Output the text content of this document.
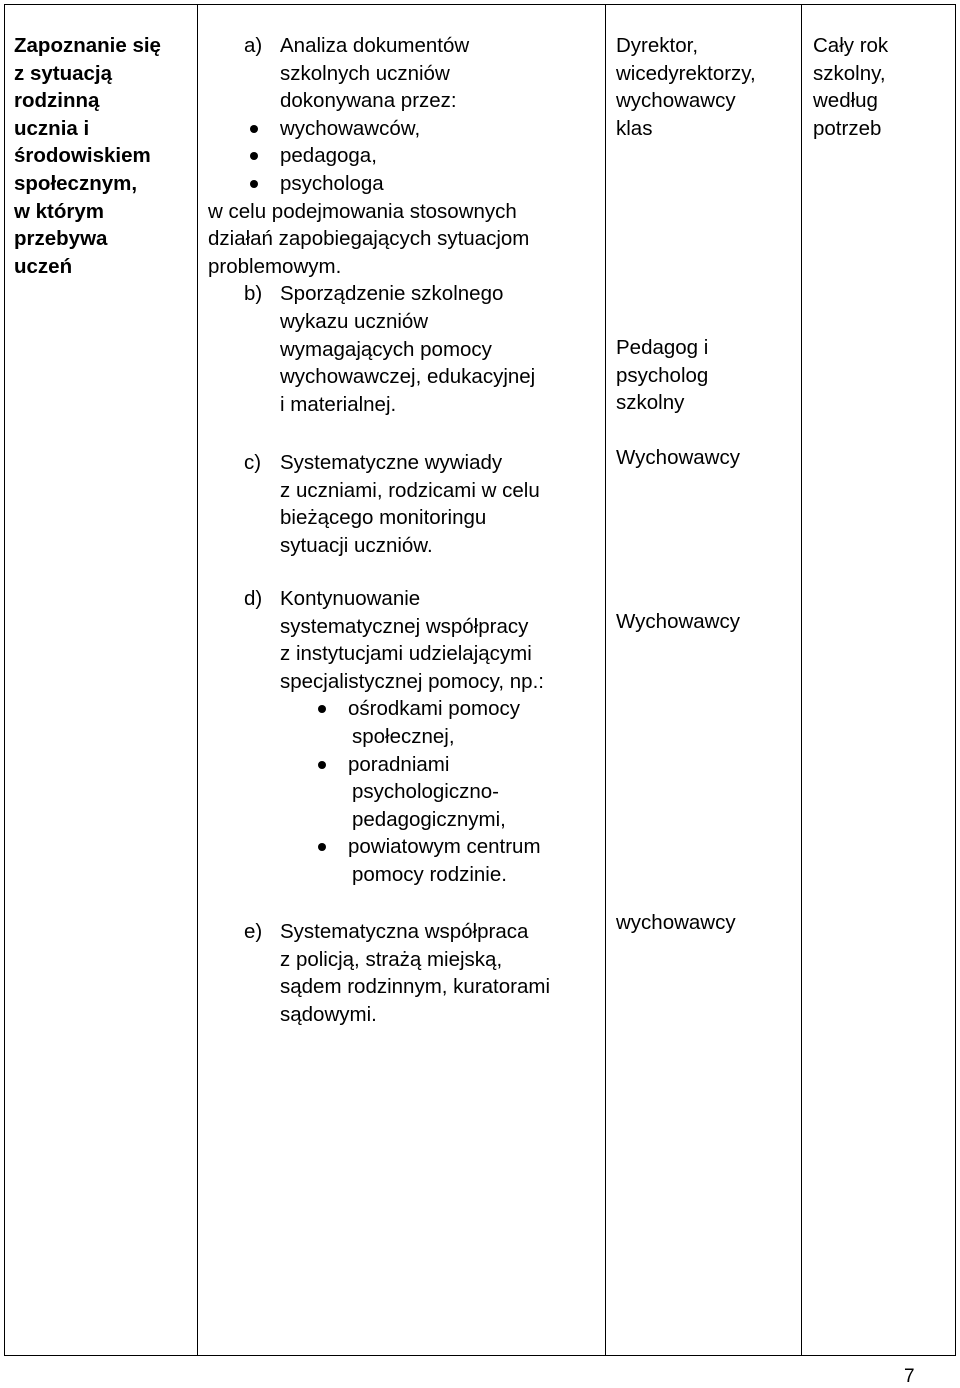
Zapoznanie się
z sytuacją
rodzinną
ucznia i
środowiskiem
społecznym,
w którym
przebywa
uczeń
a) Analiza dokumentów
szkolnych uczniów
dokonywana przez:
wychowawców,
pedagoga,
psychologa
w celu podejmowania stosownych
działań zapobiegających sytuacjom
problemowym.
b) Sporządzenie szkolnego
wykazu uczniów
wymagających pomocy
wychowawczej, edukacyjnej
i materialnej.
c) Systematyczne wywiady
z uczniami, rodzicami w celu
bieżącego monitoringu
sytuacji uczniów.
d) Kontynuowanie
systematycznej współpracy
z instytucjami udzielającymi
specjalistycznej pomocy, np.:
ośrodkami pomocy
społecznej,
poradniami
psychologiczno-
pedagogicznymi,
powiatowym centrum
pomocy rodzinie.
e) Systematyczna współpraca
z policją, strażą miejską,
sądem rodzinnym, kuratorami
sądowymi.
Dyrektor,
wicedyrektorzy,
wychowawcy
klas
Pedagog i
psycholog
szkolny
Wychowawcy
Wychowawcy
wychowawcy
Cały rok
szkolny,
według
potrzeb
7
